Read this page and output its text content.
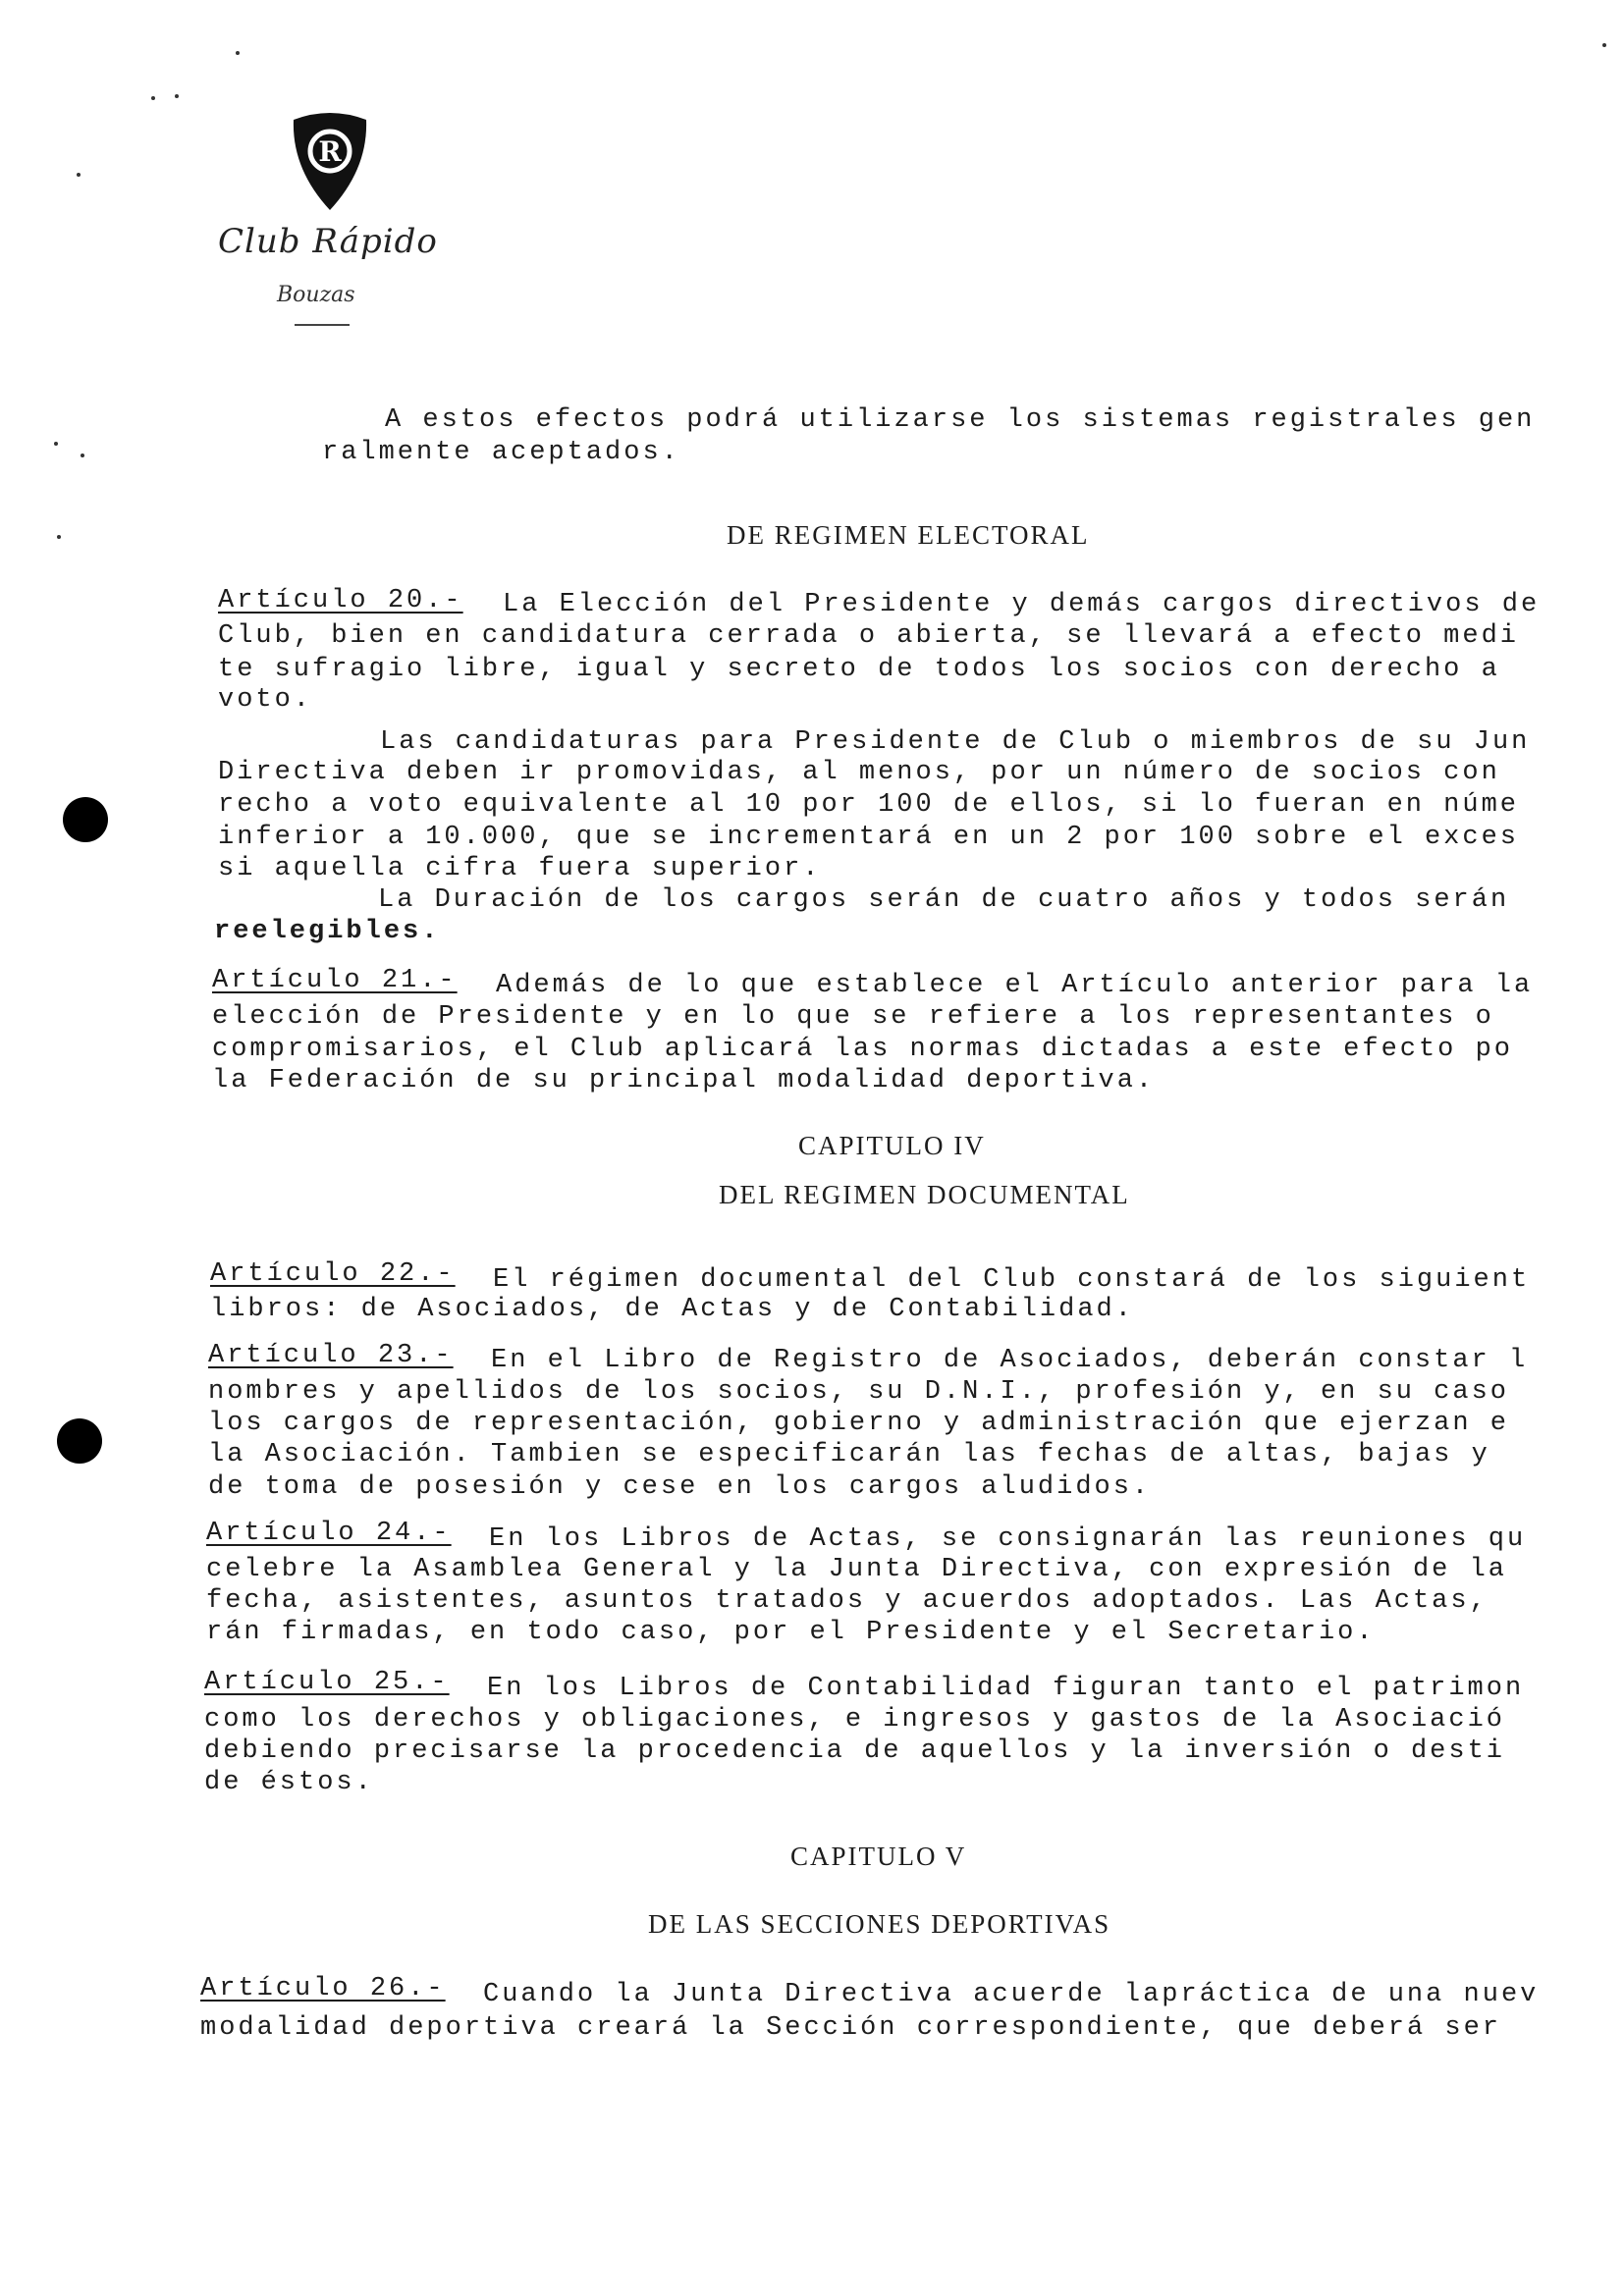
R
Club Rápido
Bouzas
A estos efectos podrá utilizarse los sistemas registrales gen
ralmente aceptados.
DE REGIMEN ELECTORAL
Artículo 20.- La Elección del Presidente y demás cargos directivos de
Club, bien en candidatura cerrada o abierta, se llevará a efecto medi
te sufragio libre, igual y secreto de todos los socios con derecho a
voto.
Las candidaturas para Presidente de Club o miembros de su Jun
Directiva deben ir promovidas, al menos, por un número de socios con
recho a voto equivalente al 10 por 100 de ellos, si lo fueran en núme
inferior a 10.000, que se incrementará en un 2 por 100 sobre el exces
si aquella cifra fuera superior.
La Duración de los cargos serán de cuatro años y todos serán
reelegibles.
Artículo 21.- Además de lo que establece el Artículo anterior para la
elección de Presidente y en lo que se refiere a los representantes o
compromisarios, el Club aplicará las normas dictadas a este efecto po
la Federación de su principal modalidad deportiva.
CAPITULO IV
DEL REGIMEN DOCUMENTAL
Artículo 22.- El régimen documental del Club constará de los siguient
libros: de Asociados, de Actas y de Contabilidad.
Artículo 23.- En el Libro de Registro de Asociados, deberán constar l
nombres y apellidos de los socios, su D.N.I., profesión y, en su caso
los cargos de representación, gobierno y administración que ejerzan e
la Asociación. Tambien se especificarán las fechas de altas, bajas y
de toma de posesión y cese en los cargos aludidos.
Artículo 24.- En los Libros de Actas, se consignarán las reuniones qu
celebre la Asamblea General y la Junta Directiva, con expresión de la
fecha, asistentes, asuntos tratados y acuerdos adoptados. Las Actas,
rán firmadas, en todo caso, por el Presidente y el Secretario.
Artículo 25.- En los Libros de Contabilidad figuran tanto el patrimon
como los derechos y obligaciones, e ingresos y gastos de la Asociació
debiendo precisarse la procedencia de aquellos y la inversión o desti
de éstos.
CAPITULO V
DE LAS SECCIONES DEPORTIVAS
Artículo 26.- Cuando la Junta Directiva acuerde lapráctica de una nuev
modalidad deportiva creará la Sección correspondiente, que deberá ser
